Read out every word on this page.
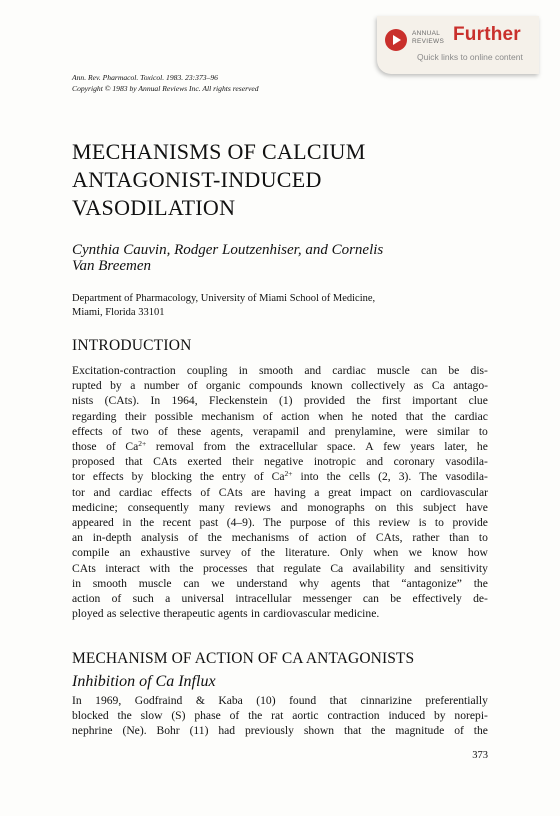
ANNUAL
REVIEWS Further
Quick links to online content
Ann. Rev. Pharmacol. Toxicol. 1983. 23:373–96
Copyright © 1983 by Annual Reviews Inc. All rights reserved
MECHANISMS OF CALCIUM
ANTAGONIST-INDUCED
VASODILATION
Cynthia Cauvin, Rodger Loutzenhiser, and Cornelis
Van Breemen
Department of Pharmacology, University of Miami School of Medicine,
Miami, Florida 33101
INTRODUCTION
Excitation-contraction coupling in smooth and cardiac muscle can be dis-
rupted by a number of organic compounds known collectively as Ca antago-
nists (CAts). In 1964, Fleckenstein (1) provided the first important clue
regarding their possible mechanism of action when he noted that the cardiac
effects of two of these agents, verapamil and prenylamine, were similar to
those of $Ca^{2+}$ removal from the extracellular space. A few years later, he
proposed that CAts exerted their negative inotropic and coronary vasodila-
tor effects by blocking the entry of $Ca^{2+}$ into the cells (2, 3). The vasodila-
tor and cardiac effects of CAts are having a great impact on cardiovascular
medicine; consequently many reviews and monographs on this subject have
appeared in the recent past (4–9). The purpose of this review is to provide
an in-depth analysis of the mechanisms of action of CAts, rather than to
compile an exhaustive survey of the literature. Only when we know how
CAts interact with the processes that regulate Ca availability and sensitivity
in smooth muscle can we understand why agents that “antagonize” the
action of such a universal intracellular messenger can be effectively de-
ployed as selective therapeutic agents in cardiovascular medicine.
MECHANISM OF ACTION OF CA ANTAGONISTS
Inhibition of Ca Influx
In 1969, Godfraind & Kaba (10) found that cinnarizine preferentially
blocked the slow (S) phase of the rat aortic contraction induced by norepi-
nephrine (Ne). Bohr (11) had previously shown that the magnitude of the
373
